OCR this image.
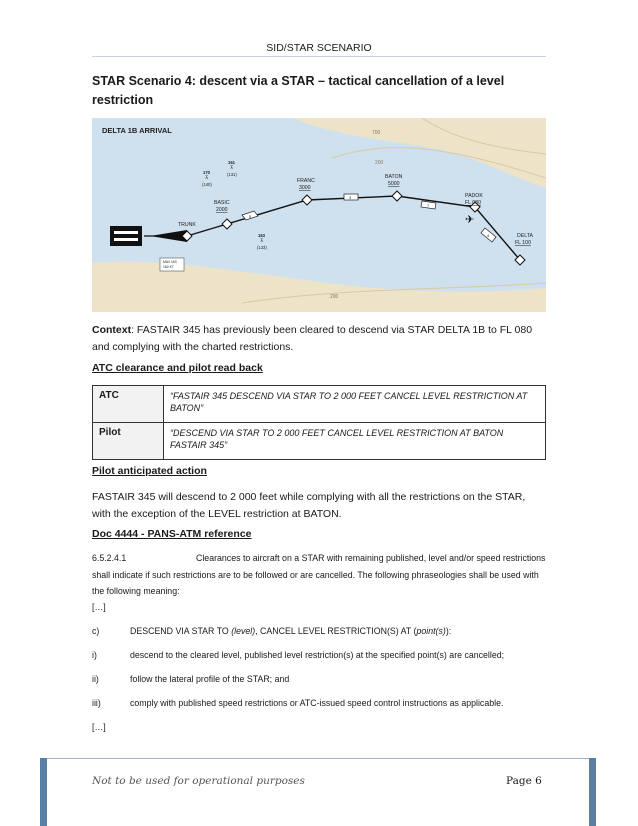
SID/STAR SCENARIO
STAR Scenario 4: descent via a STAR – tactical cancellation of a level restriction
700
200
200
DELTA 1B ARRIVAL
MAX IAS
160 KT
5
3
7
4
✈
TRUNK
BASIC
2000
FRANC
3000
BATON
5000
PADOK
FL 080
DELTA
FL 100
170
⊼
(140)
161
⊼
(131)
163
⊼
(133)
Context: FASTAIR 345 has previously been cleared to descend via STAR DELTA 1B to FL 080 and complying with the charted restrictions.
ATC clearance and pilot read back
ATC	“FASTAIR 345 DESCEND VIA STAR TO 2 000 FEET CANCEL LEVEL RESTRICTION AT BATON”
Pilot	“DESCEND VIA STAR TO 2 000 FEET CANCEL LEVEL RESTRICTION AT BATON FASTAIR 345”
Pilot anticipated action
FASTAIR 345 will descend to 2 000 feet while complying with all the restrictions on the STAR, with the exception of the LEVEL restriction at BATON.
Doc 4444 - PANS-ATM reference
6.5.2.4.1	Clearances to aircraft on a STAR with remaining published, level and/or speed restrictions shall indicate if such restrictions are to be followed or are cancelled. The following phraseologies shall be used with the following meaning:
[…]
c)	DESCEND VIA STAR TO (level), CANCEL LEVEL RESTRICTION(S) AT (point(s)):
i)	descend to the cleared level, published level restriction(s) at the specified point(s) are cancelled;
ii)	follow the lateral profile of the STAR; and
iii)	comply with published speed restrictions or ATC-issued speed control instructions as applicable.
[…]
Not to be used for operational purposes	Page 6
